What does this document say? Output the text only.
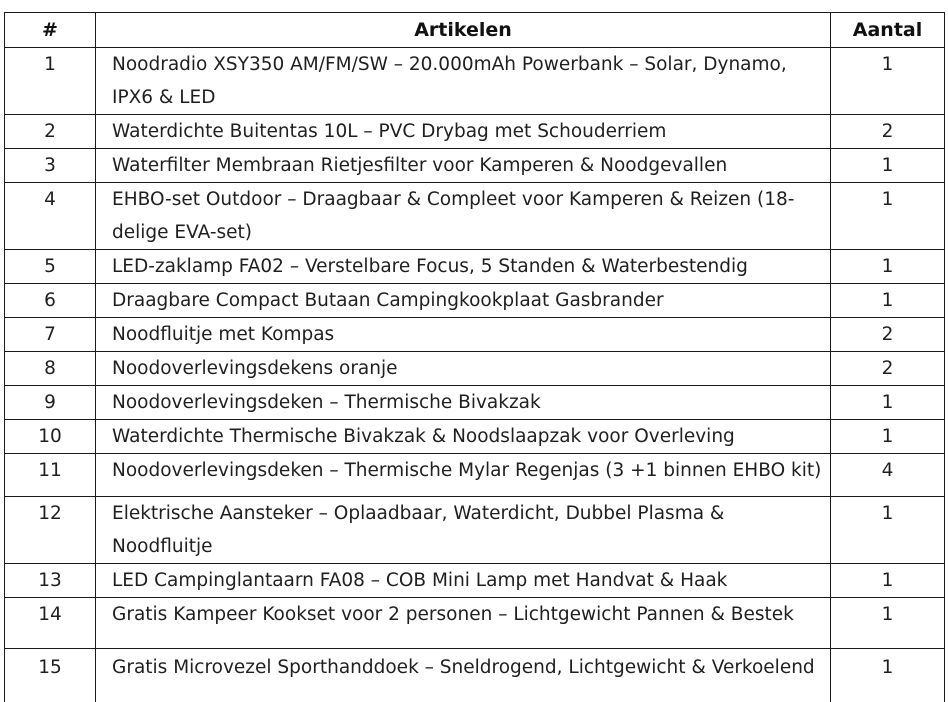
#	Artikelen	Aantal
1	Noodradio XSY350 AM/FM/SW – 20.000mAh Powerbank – Solar, Dynamo, IPX6 & LED	1
2	Waterdichte Buitentas 10L – PVC Drybag met Schouderriem	2
3	Waterfilter Membraan Rietjesfilter voor Kamperen & Noodgevallen	1
4	EHBO-set Outdoor – Draagbaar & Compleet voor Kamperen & Reizen (18-delige EVA-set)	1
5	LED-zaklamp FA02 – Verstelbare Focus, 5 Standen & Waterbestendig	1
6	Draagbare Compact Butaan Campingkookplaat Gasbrander	1
7	Noodfluitje met Kompas	2
8	Noodoverlevingsdekens oranje	2
9	Noodoverlevingsdeken – Thermische Bivakzak	1
10	Waterdichte Thermische Bivakzak & Noodslaapzak voor Overleving	1
11	Noodoverlevingsdeken – Thermische Mylar Regenjas (3 +1 binnen EHBO kit)	4
12	Elektrische Aansteker – Oplaadbaar, Waterdicht, Dubbel Plasma & Noodfluitje	1
13	LED Campinglantaarn FA08 – COB Mini Lamp met Handvat & Haak	1
14	Gratis Kampeer Kookset voor 2 personen – Lichtgewicht Pannen & Bestek	1
15	Gratis Microvezel Sporthanddoek – Sneldrogend, Lichtgewicht & Verkoelend	1
